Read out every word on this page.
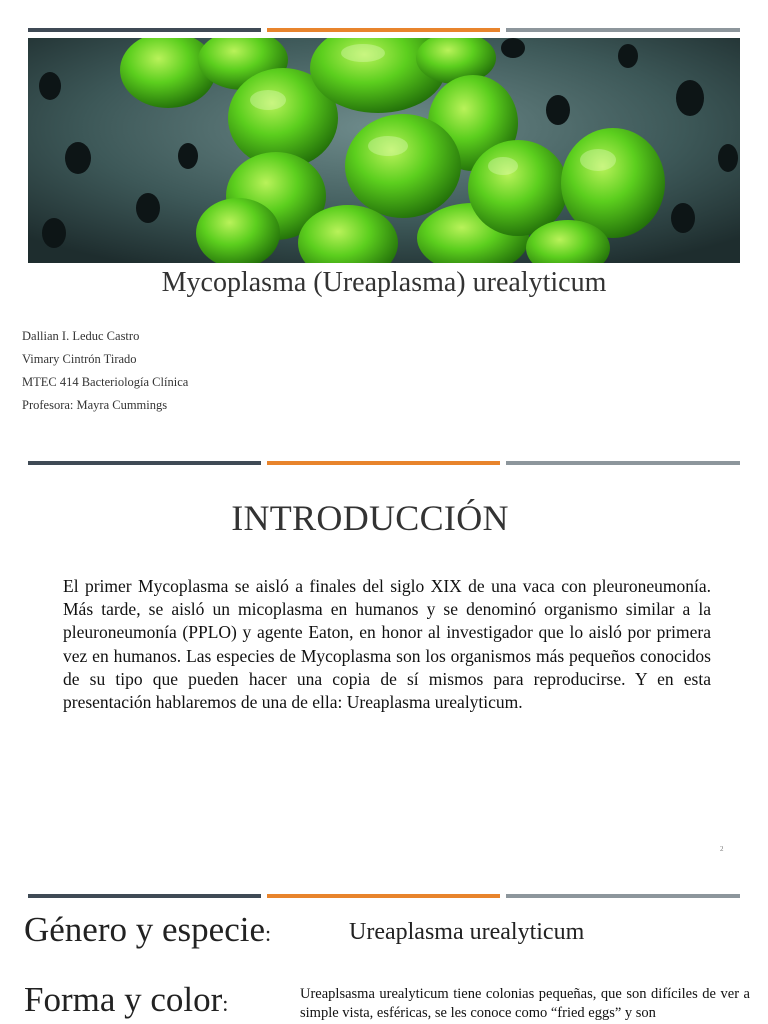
Mycoplasma (Ureaplasma) urealyticum
Dallian I. Leduc Castro
Vimary Cintrón Tirado
MTEC 414 Bacteriología Clínica
Profesora: Mayra Cummings
INTRODUCCIÓN
El primer Mycoplasma se aisló a finales del siglo XIX de una vaca con pleuroneumonía. Más tarde, se aisló un micoplasma en humanos y se denominó organismo similar a la pleuroneumonía (PPLO) y agente Eaton, en honor al investigador que lo aisló por primera vez en humanos. Las especies de Mycoplasma son los organismos más pequeños conocidos de su tipo que pueden hacer una copia de sí mismos para reproducirse. Y en esta presentación hablaremos de una de ella: Ureaplasma urealyticum.
2
Género y especie:	Ureaplasma urealyticum
Forma y color:	Ureaplsasma urealyticum tiene colonias pequeñas, que son difíciles de ver a simple vista, esféricas, se les conoce como “fried eggs” y son
